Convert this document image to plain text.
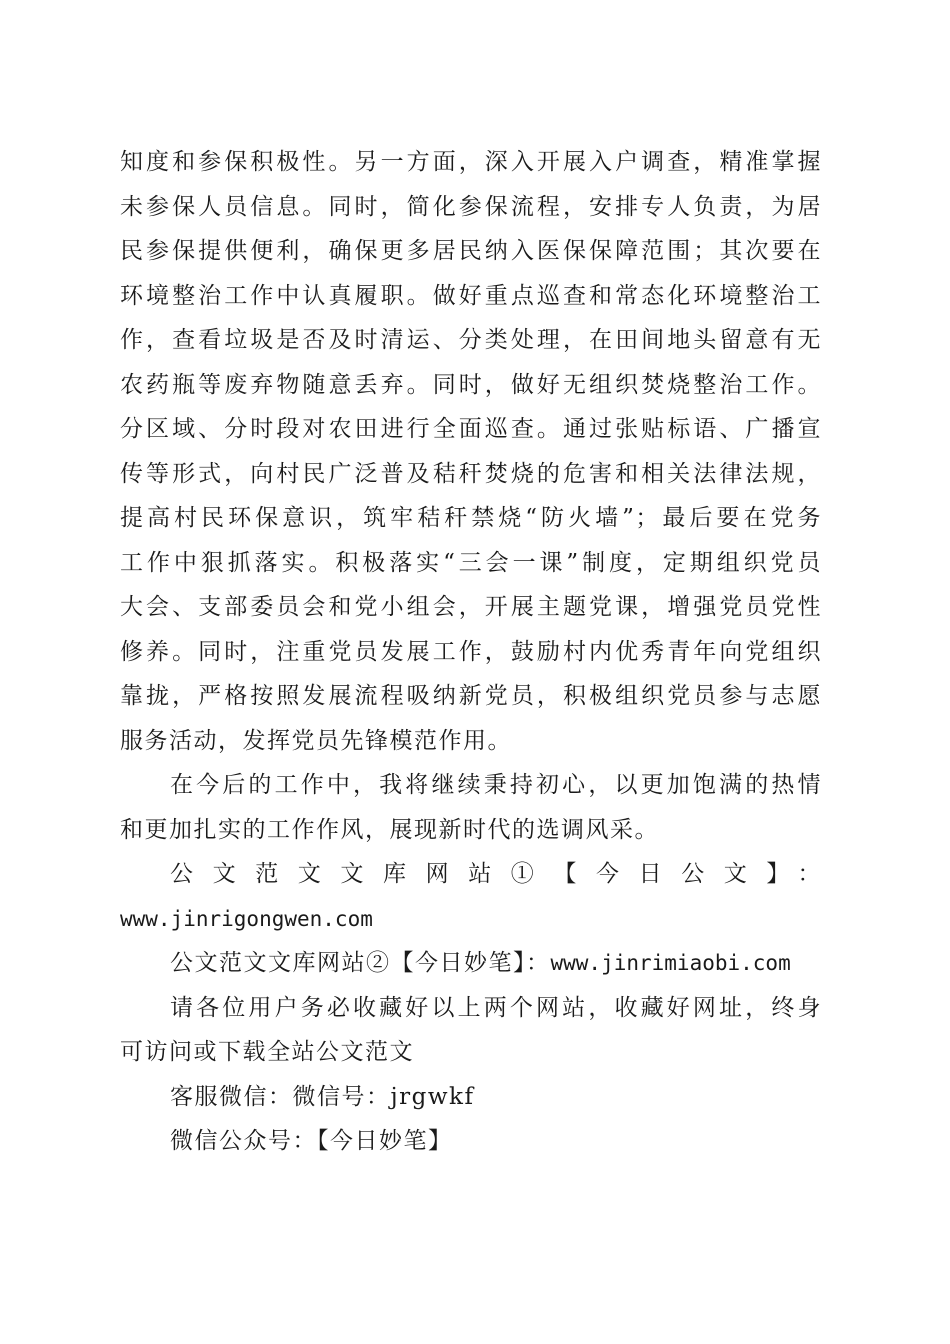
知度和参保积极性。另一方面，深入开展入户调查，精准掌握
未参保人员信息。同时，简化参保流程，安排专人负责，为居
民参保提供便利，确保更多居民纳入医保保障范围；其次要在
环境整治工作中认真履职。做好重点巡查和常态化环境整治工
作，查看垃圾是否及时清运、分类处理，在田间地头留意有无
农药瓶等废弃物随意丢弃。同时，做好无组织焚烧整治工作。
分区域、分时段对农田进行全面巡查。通过张贴标语、广播宣
传等形式，向村民广泛普及秸秆焚烧的危害和相关法律法规，
提高村民环保意识，筑牢秸秆禁烧“防火墙”；最后要在党务
工作中狠抓落实。积极落实“三会一课”制度，定期组织党员
大会、支部委员会和党小组会，开展主题党课，增强党员党性
修养。同时，注重党员发展工作，鼓励村内优秀青年向党组织
靠拢，严格按照发展流程吸纳新党员，积极组织党员参与志愿
服务活动，发挥党员先锋模范作用。
在今后的工作中，我将继续秉持初心，以更加饱满的热情
和更加扎实的工作作风，展现新时代的选调风采。
公文范文文库网站①【今日公文】：
www.jinrigongwen.com
公文范文文库网站②【今日妙笔】：www.jinrimiaobi.com
请各位用户务必收藏好以上两个网站，收藏好网址，终身
可访问或下载全站公文范文
客服微信：微信号：jrgwkf
微信公众号：【今日妙笔】
